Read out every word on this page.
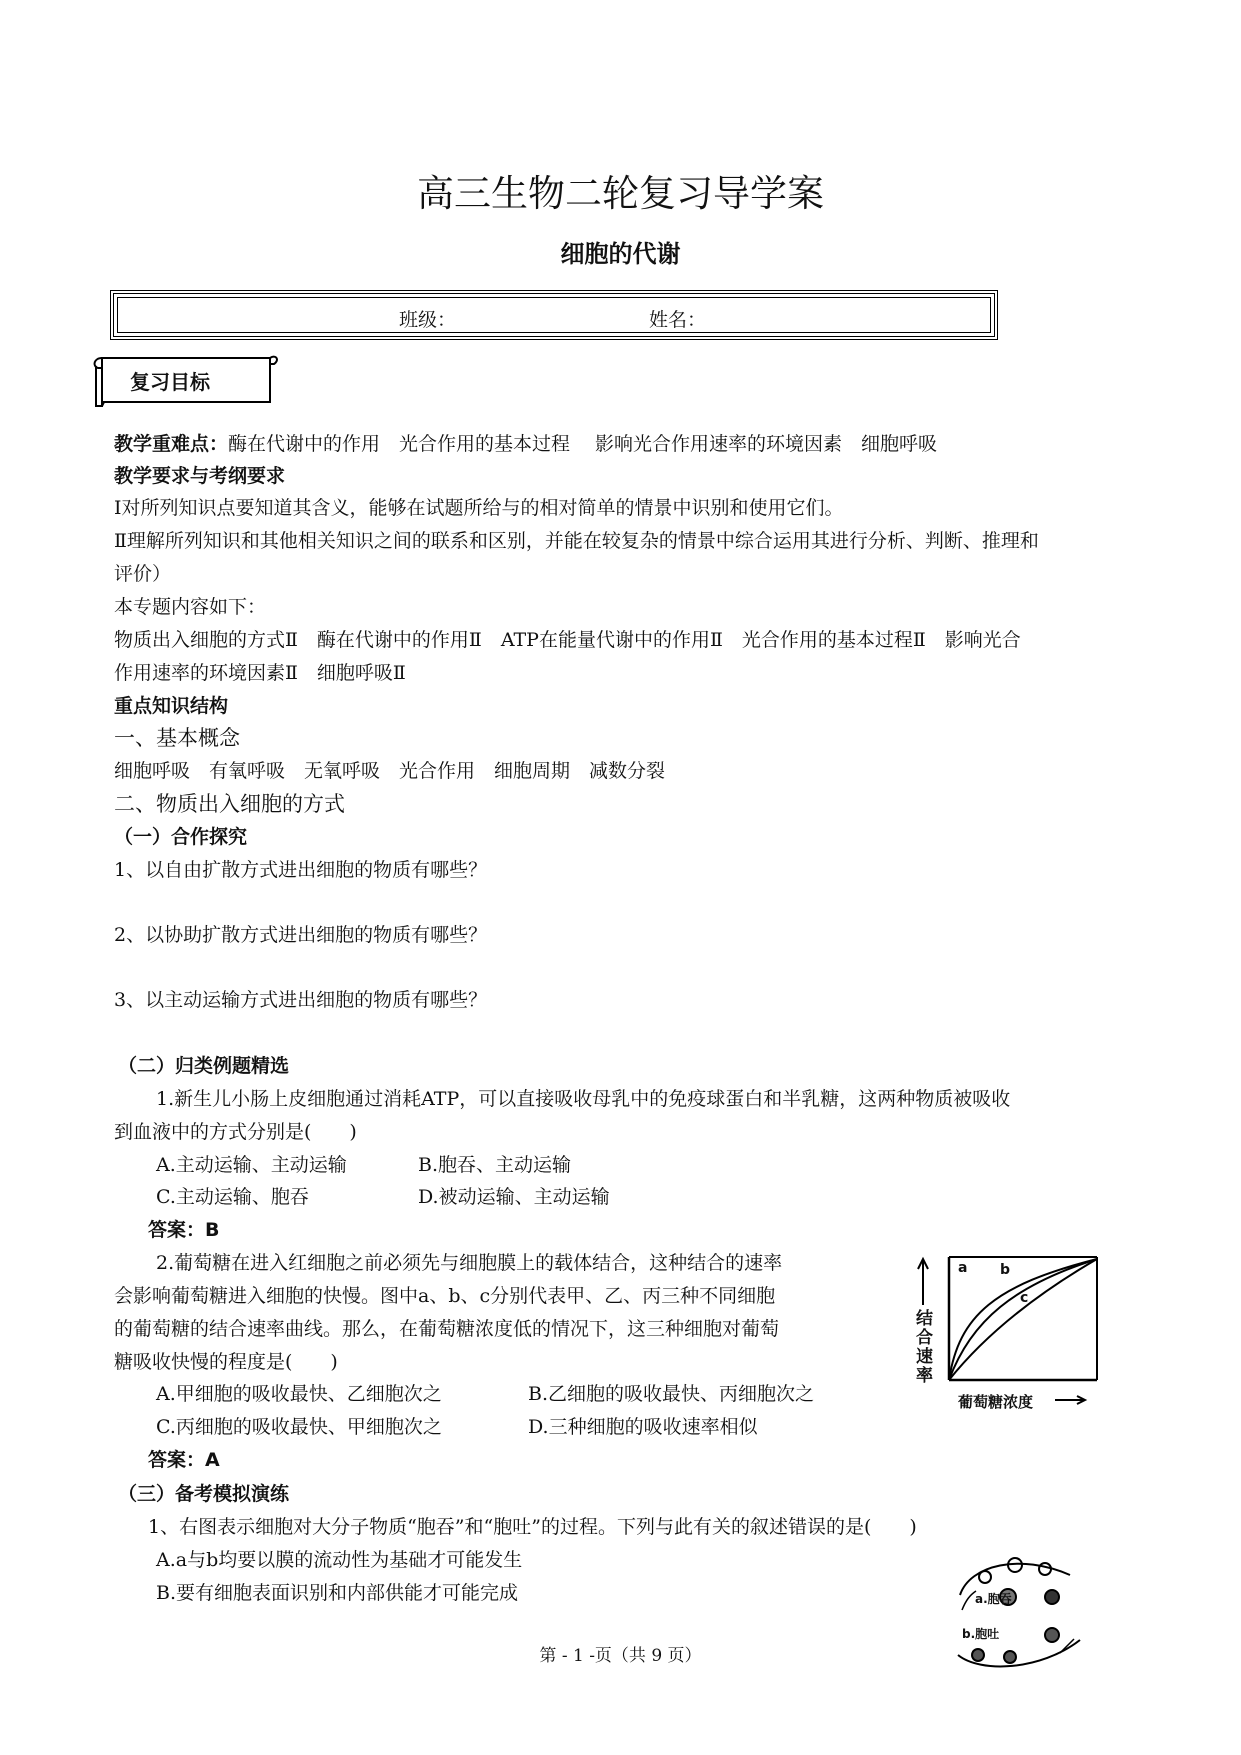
高三生物二轮复习导学案
细胞的代谢
班级：	姓名：
复习目标
教学重难点：酶在代谢中的作用　光合作用的基本过程　 影响光合作用速率的环境因素　细胞呼吸
教学要求与考纲要求
Ⅰ对所列知识点要知道其含义，能够在试题所给与的相对简单的情景中识别和使用它们。
Ⅱ理解所列知识和其他相关知识之间的联系和区别，并能在较复杂的情景中综合运用其进行分析、判断、推理和
评价）
本专题内容如下：
物质出入细胞的方式Ⅱ　酶在代谢中的作用Ⅱ　ATP在能量代谢中的作用Ⅱ　光合作用的基本过程Ⅱ　影响光合
作用速率的环境因素Ⅱ　细胞呼吸Ⅱ
重点知识结构
一、基本概念
细胞呼吸　有氧呼吸　无氧呼吸　光合作用　细胞周期　减数分裂
二、物质出入细胞的方式
（一）合作探究
1、以自由扩散方式进出细胞的物质有哪些？
2、以协助扩散方式进出细胞的物质有哪些？
3、以主动运输方式进出细胞的物质有哪些？
（二）归类例题精选
1.新生儿小肠上皮细胞通过消耗ATP，可以直接吸收母乳中的免疫球蛋白和半乳糖，这两种物质被吸收
到血液中的方式分别是(　　)
A.主动运输、主动运输	B.胞吞、主动运输
C.主动运输、胞吞	D.被动运输、主动运输
答案：B
2.葡萄糖在进入红细胞之前必须先与细胞膜上的载体结合，这种结合的速率
会影响葡萄糖进入细胞的快慢。图中a、b、c分别代表甲、乙、丙三种不同细胞
的葡萄糖的结合速率曲线。那么，在葡萄糖浓度低的情况下，这三种细胞对葡萄
糖吸收快慢的程度是(　　)
A.甲细胞的吸收最快、乙细胞次之	B.乙细胞的吸收最快、丙细胞次之
C.丙细胞的吸收最快、甲细胞次之	D.三种细胞的吸收速率相似
答案：A
a b
c
结合速率
葡萄糖浓度
（三）备考模拟演练
1、右图表示细胞对大分子物质“胞吞”和“胞吐”的过程。下列与此有关的叙述错误的是(　　)
A.a与b均要以膜的流动性为基础才可能发生
B.要有细胞表面识别和内部供能才可能完成	a.胞吞
b.胞吐
第 - 1 -页（共 9 页）
